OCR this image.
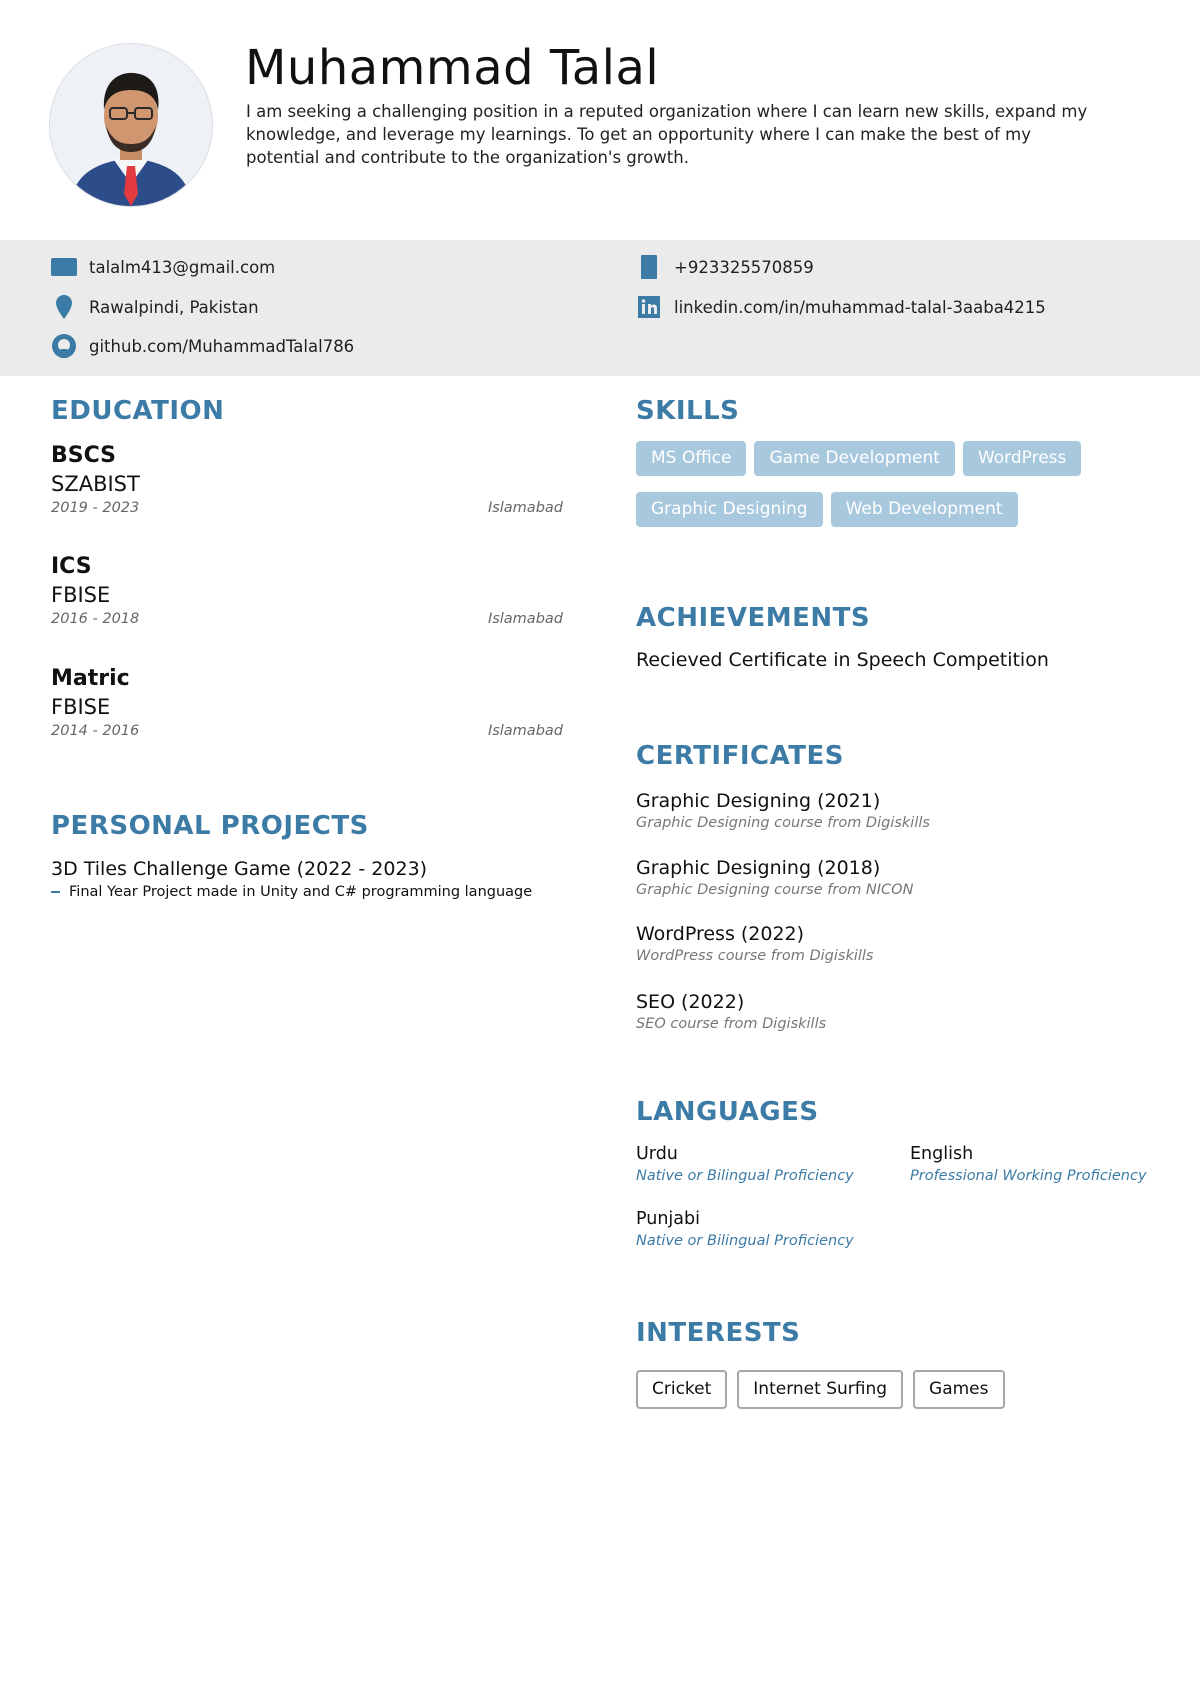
Muhammad Talal

I am seeking a challenging position in a reputed organization where I can learn new skills, expand my knowledge, and leverage my learnings. To get an opportunity where I can make the best of my potential and contribute to the organization's growth.

talalm413@gmail.com
Rawalpindi, Pakistan
github.com/MuhammadTalal786
+923325570859
linkedin.com/in/muhammad-talal-3aaba4215
EDUCATION
BSCS
SZABIST
2019 - 2023	Islamabad
ICS
FBISE
2016 - 2018	Islamabad
Matric
FBISE
2014 - 2016	Islamabad
PERSONAL PROJECTS
3D Tiles Challenge Game (2022 - 2023)
Final Year Project made in Unity and C# programming language
SKILLS
MS Office Game Development WordPress
Graphic Designing Web Development
ACHIEVEMENTS
Recieved Certificate in Speech Competition
CERTIFICATES
Graphic Designing (2021)
Graphic Designing course from Digiskills
Graphic Designing (2018)
Graphic Designing course from NICON
WordPress (2022)
WordPress course from Digiskills
SEO (2022)
SEO course from Digiskills
LANGUAGES
Urdu
Native or Bilingual Proficiency
English
Professional Working Proficiency
Punjabi
Native or Bilingual Proficiency
INTERESTS
Cricket	Internet Surfing	Games
